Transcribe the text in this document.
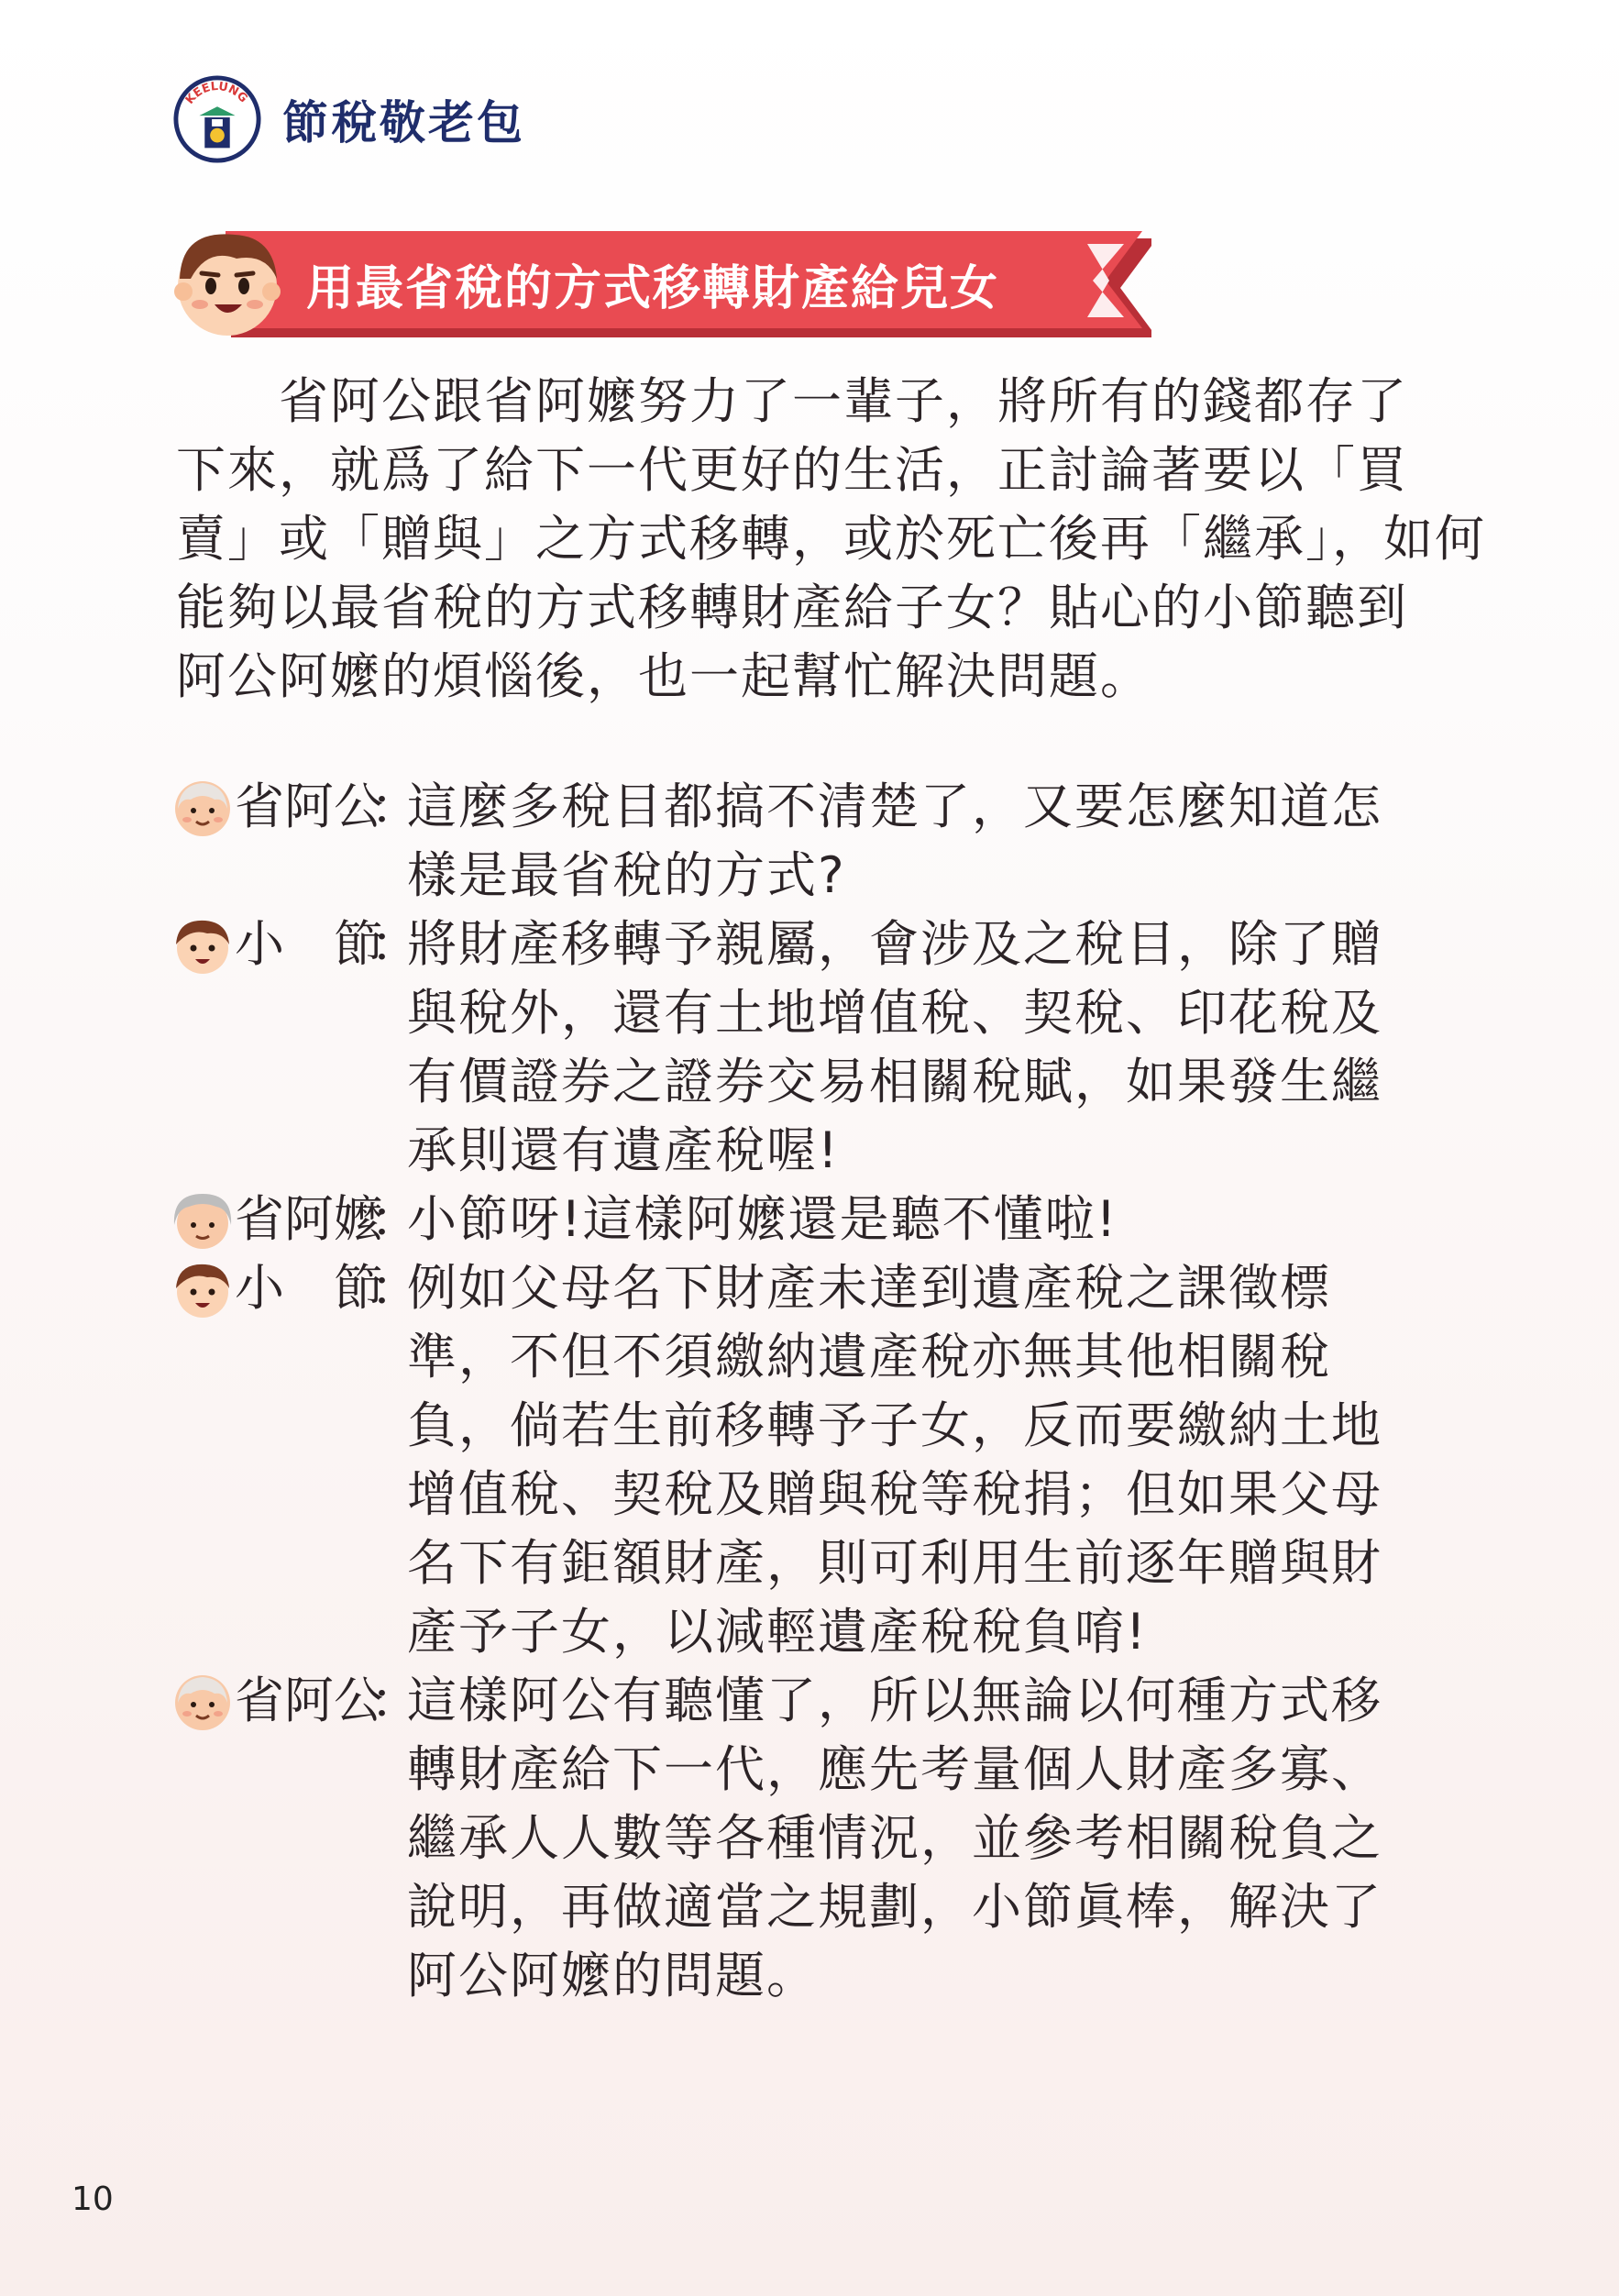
KEELUNG 節稅敬老包
用最省稅的方式移轉財產給兒女
　　省阿公跟省阿嬤努力了一輩子，將所有的錢都存了
下來，就爲了給下一代更好的生活，正討論著要以「買
賣」或「贈與」之方式移轉，或於死亡後再「繼承」，如何
能夠以最省稅的方式移轉財產給子女？貼心的小節聽到
阿公阿嬤的煩惱後，也一起幫忙解決問題。
省阿公
：
這麼多稅目都搞不清楚了，又要怎麼知道怎
樣是最省稅的方式?
小　節
：
將財產移轉予親屬，會涉及之稅目，除了贈
與稅外，還有土地增值稅、契稅、印花稅及
有價證券之證券交易相關稅賦，如果發生繼
承則還有遺產稅喔!
省阿嬤
：
小節呀!這樣阿嬤還是聽不懂啦!
小　節
：
例如父母名下財產未達到遺產稅之課徵標
準，不但不須繳納遺產稅亦無其他相關稅
負，倘若生前移轉予子女，反而要繳納土地
增值稅、契稅及贈與稅等稅捐；但如果父母
名下有鉅額財產，則可利用生前逐年贈與財
產予子女，以減輕遺產稅稅負唷!
省阿公
：
這樣阿公有聽懂了，所以無論以何種方式移
轉財產給下一代，應先考量個人財產多寡、
繼承人人數等各種情況，並參考相關稅負之
說明，再做適當之規劃，小節眞棒，解決了
阿公阿嬤的問題。
10
